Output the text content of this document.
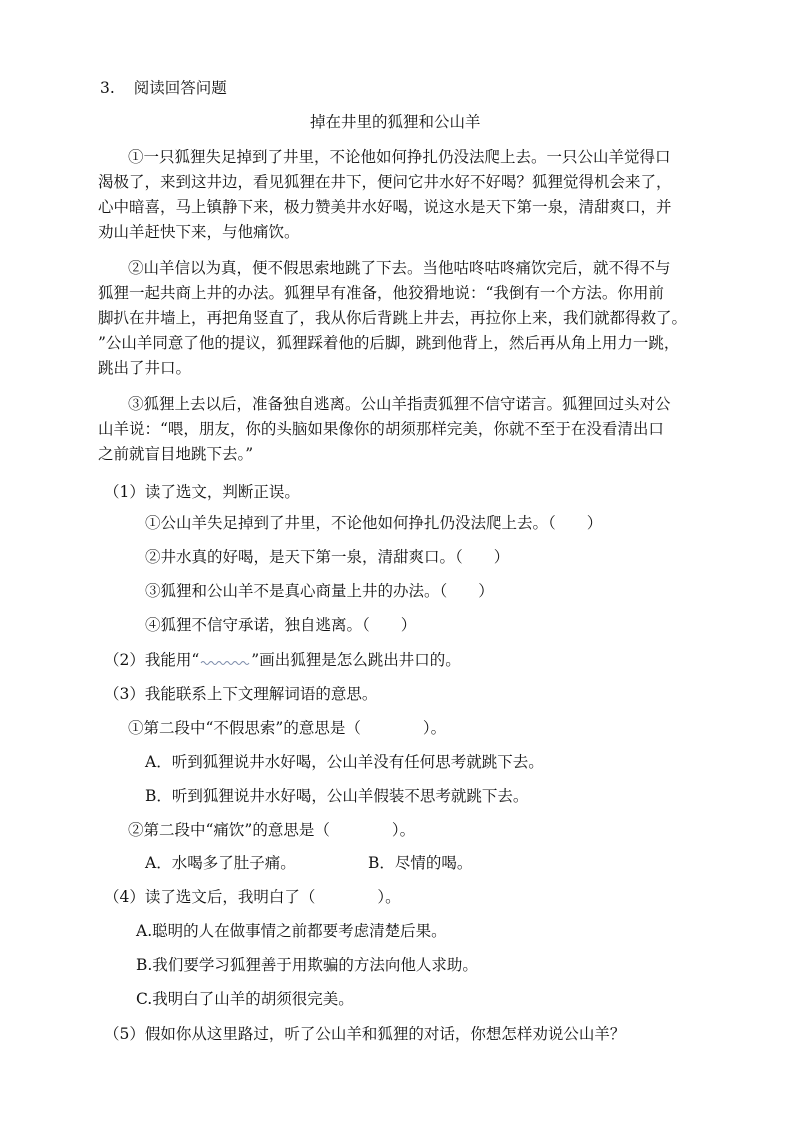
3. 阅读回答问题
掉在井里的狐狸和公山羊
①一只狐狸失足掉到了井里，不论他如何挣扎仍没法爬上去。一只公山羊觉得口
渴极了，来到这井边，看见狐狸在井下，便问它井水好不好喝？狐狸觉得机会来了，
心中暗喜，马上镇静下来，极力赞美井水好喝，说这水是天下第一泉，清甜爽口，并
劝山羊赶快下来，与他痛饮。
②山羊信以为真，便不假思索地跳了下去。当他咕咚咕咚痛饮完后，就不得不与
狐狸一起共商上井的办法。狐狸早有准备，他狡猾地说：“我倒有一个方法。你用前
脚扒在井墙上，再把角竖直了，我从你后背跳上井去，再拉你上来，我们就都得救了。
”公山羊同意了他的提议，狐狸踩着他的后脚，跳到他背上，然后再从角上用力一跳，
跳出了井口。
③狐狸上去以后，准备独自逃离。公山羊指责狐狸不信守诺言。狐狸回过头对公
山羊说：“喂，朋友，你的头脑如果像你的胡须那样完美，你就不至于在没看清出口
之前就盲目地跳下去。”
（1）读了选文，判断正误。
①公山羊失足掉到了井里，不论他如何挣扎仍没法爬上去。（　　）
②井水真的好喝，是天下第一泉，清甜爽口。（　　）
③狐狸和公山羊不是真心商量上井的办法。（　　）
④狐狸不信守承诺，独自逃离。（　　）
（2）我能用“	”画出狐狸是怎么跳出井口的。
（3）我能联系上下文理解词语的意思。
①第二段中“不假思索”的意思是（　　　　）。
A．听到狐狸说井水好喝，公山羊没有任何思考就跳下去。
B．听到狐狸说井水好喝，公山羊假装不思考就跳下去。
②第二段中“痛饮”的意思是（　　　　）。
A．水喝多了肚子痛。	B．尽情的喝。
（4）读了选文后，我明白了（　　　　）。
A.聪明的人在做事情之前都要考虑清楚后果。
B.我们要学习狐狸善于用欺骗的方法向他人求助。
C.我明白了山羊的胡须很完美。
（5）假如你从这里路过，听了公山羊和狐狸的对话，你想怎样劝说公山羊？
